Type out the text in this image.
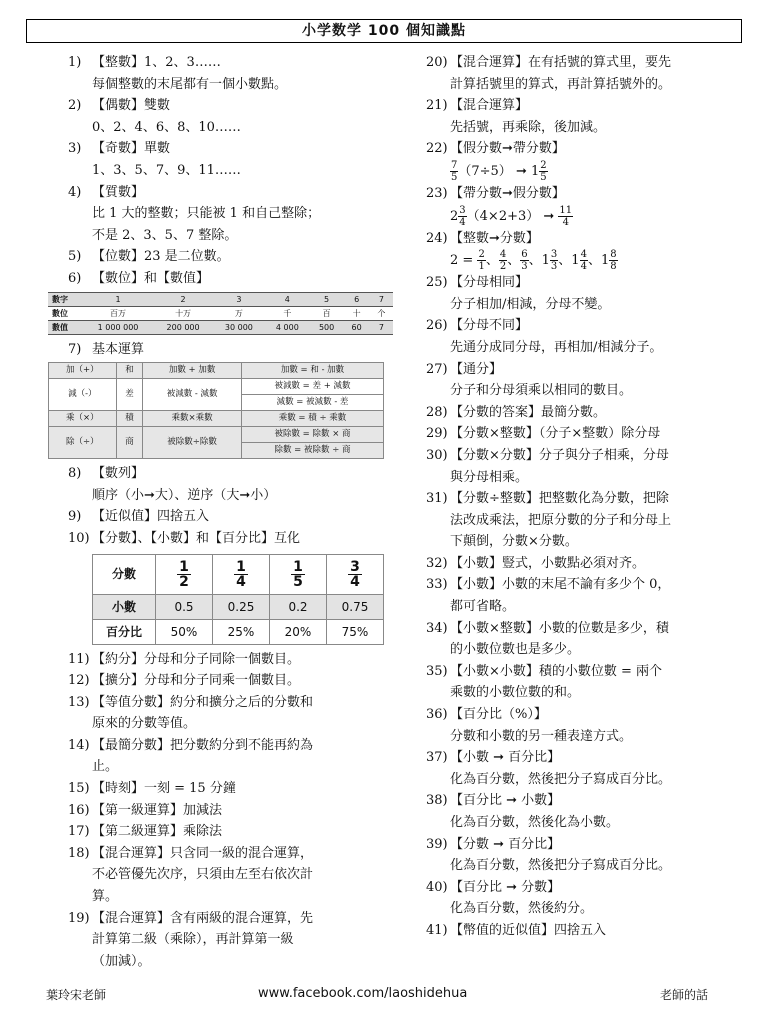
小学数学 100 個知識點
1) 【整數】1、2、3……
每個整數的末尾都有一個小數點。
2) 【偶數】雙數
0、2、4、6、8、10……
3) 【奇數】單數
1、3、5、7、9、11……
4) 【質數】
比 1 大的整數；只能被 1 和自己整除；
不是 2、3、5、7 整除。
5) 【位數】23 是二位數。
6) 【數位】和【數值】
數字	1	2	3	4	5	6	7
數位	百万	十万	万	千	百	十	个
數值	1 000 000	200 000	30 000	4 000	500	60	7
7) 基本運算
加（+）	和	加數 + 加數	加數 = 和 - 加數
減（-）	差	被減數 - 減數	被減數 = 差 + 減數
			減數 = 被減數 - 差
乘（×）	積	乘數×乘數	乘數 = 積 ÷ 乘數
除（÷）	商	被除數÷除數	被除數 = 除數 × 商
			除數 = 被除數 ÷ 商
8) 【數列】
順序（小➞大）、逆序（大➞小）
9) 【近似值】四捨五入
10) 【分數】、【小數】和【百分比】互化
分數	$\frac{1}{2}$	$\frac{1}{4}$	$\frac{1}{5}$	$\frac{3}{4}$

小數	0.5	0.25	0.2	0.75
百分比	50%	25%	20%	75%
11) 【約分】分母和分子同除一個數目。
12) 【擴分】分母和分子同乘一個數目。
13) 【等值分數】約分和擴分之后的分數和
原來的分數等值。
14) 【最簡分數】把分數約分到不能再約為
止。
15) 【時刻】一刻 = 15 分鐘
16) 【第一級運算】加減法
17) 【第二級運算】乘除法
18) 【混合運算】只含同一級的混合運算，
不必管優先次序，只須由左至右依次計
算。
19) 【混合運算】含有兩級的混合運算，先
計算第二級（乘除），再計算第一級
（加減）。
20) 【混合運算】在有括號的算式里，要先
計算括號里的算式，再計算括號外的。
21) 【混合運算】
先括號，再乘除，後加減。
22) 【假分數➞帶分數】
$\frac{7}{5} (7\div 5)$ ➞ $1 \frac{2}{5}$
23) 【帶分數➞假分數】
$2 \frac{3}{4} (4\times 2+3)$ ➞ $\frac{11}{4}$
24) 【整數➞分數】
$2 = \frac{2}{1}$ 、 $\frac{4}{2}$ 、 $\frac{6}{3}$ 、$1 \frac{3}{3}$ 、$1 \frac{4}{4}$ 、$1 \frac{8}{8}$
25) 【分母相同】
分子相加/相減，分母不變。
26) 【分母不同】
先通分成同分母，再相加/相減分子。
27) 【通分】
分子和分母須乘以相同的數目。
28) 【分數的答案】最簡分數。
29) 【分數×整數】（分子×整數）除分母
30) 【分數×分數】分子與分子相乘，分母
與分母相乘。
31) 【分數÷整數】把整數化為分數，把除
法改成乘法，把原分數的分子和分母上
下顛倒，分數×分數。
32) 【小數】豎式，小數點必須对齐。
33) 【小數】小數的末尾不論有多少个 0，
都可省略。
34) 【小數×整數】小數的位數是多少，積
的小數位數也是多少。
35) 【小數×小數】積的小數位數 = 兩个
乘數的小數位數的和。
36) 【百分比（%）】
分數和小數的另一種表達方式。
37) 【小數 ➞ 百分比】
化為百分數，然後把分子寫成百分比。
38) 【百分比 ➞ 小數】
化為百分數，然後化為小數。
39) 【分數 ➞ 百分比】
化為百分數，然後把分子寫成百分比。
40) 【百分比 ➞ 分數】
化為百分數，然後約分。
41) 【幣值的近似值】四捨五入
葉玲宋老師	www.facebook.com/laoshidehua	老師的話
